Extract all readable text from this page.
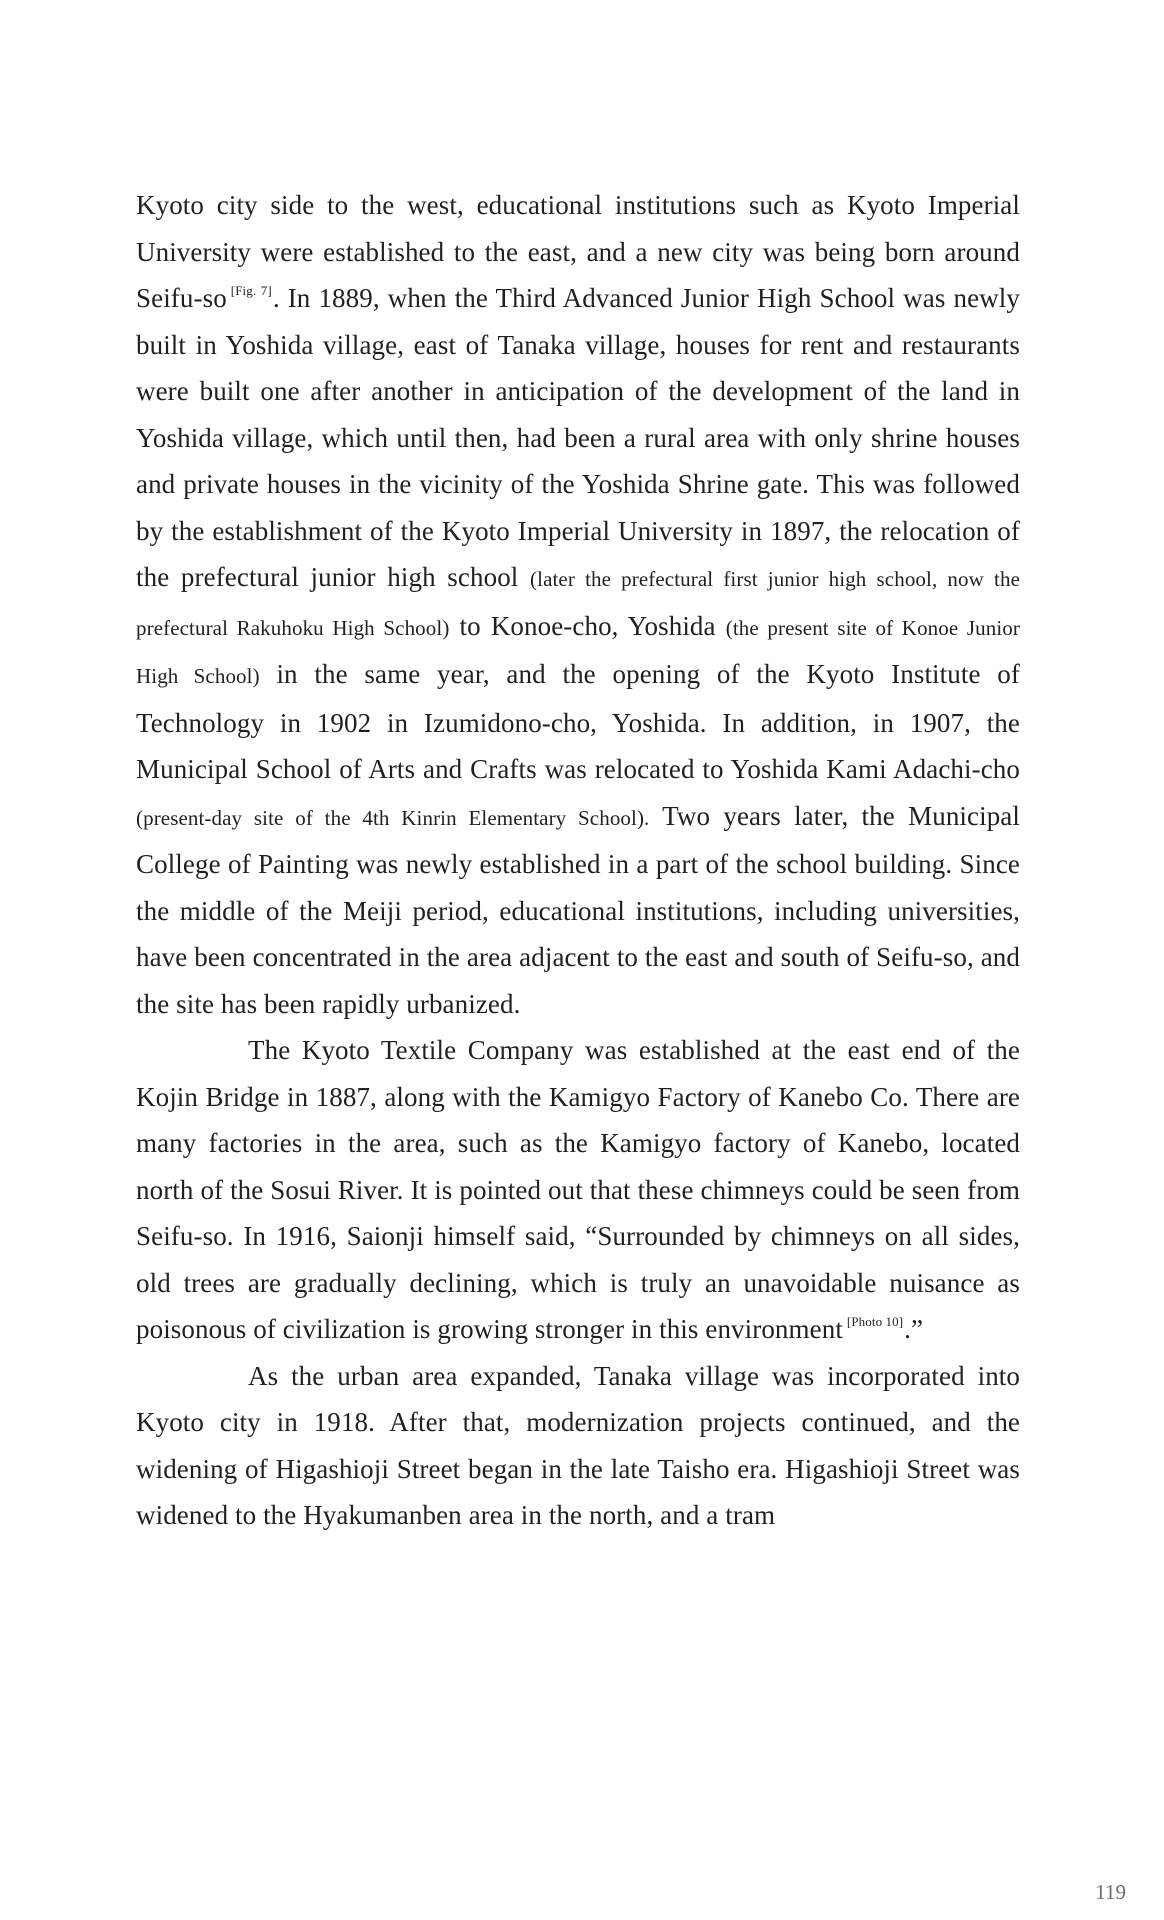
Kyoto city side to the west, educational institutions such as Kyoto Imperial University were established to the east, and a new city was being born around Seifu-so [Fig. 7]. In 1889, when the Third Advanced Junior High School was newly built in Yoshida village, east of Tanaka village, houses for rent and restaurants were built one after another in anticipation of the development of the land in Yoshida village, which until then, had been a rural area with only shrine houses and private houses in the vicinity of the Yoshida Shrine gate. This was followed by the establishment of the Kyoto Imperial University in 1897, the relocation of the prefectural junior high school (later the prefectural first junior high school, now the prefectural Rakuhoku High School) to Konoe-cho, Yoshida (the present site of Konoe Junior High School) in the same year, and the opening of the Kyoto Institute of Technology in 1902 in Izumidono-cho, Yoshida. In addition, in 1907, the Municipal School of Arts and Crafts was relocated to Yoshida Kami Adachi-cho (present-day site of the 4th Kinrin Elementary School). Two years later, the Municipal College of Painting was newly established in a part of the school building. Since the middle of the Meiji period, educational institutions, including universities, have been concentrated in the area adjacent to the east and south of Seifu-so, and the site has been rapidly urbanized.

The Kyoto Textile Company was established at the east end of the Kojin Bridge in 1887, along with the Kamigyo Factory of Kanebo Co. There are many factories in the area, such as the Kamigyo factory of Kanebo, located north of the Sosui River. It is pointed out that these chimneys could be seen from Seifu-so. In 1916, Saionji himself said, “Surrounded by chimneys on all sides, old trees are gradually declining, which is truly an unavoidable nuisance as poisonous of civilization is growing stronger in this environment [Photo 10].”

As the urban area expanded, Tanaka village was incorporated into Kyoto city in 1918. After that, modernization projects continued, and the widening of Higashioji Street began in the late Taisho era. Higashioji Street was widened to the Hyakumanben area in the north, and a tram

119
